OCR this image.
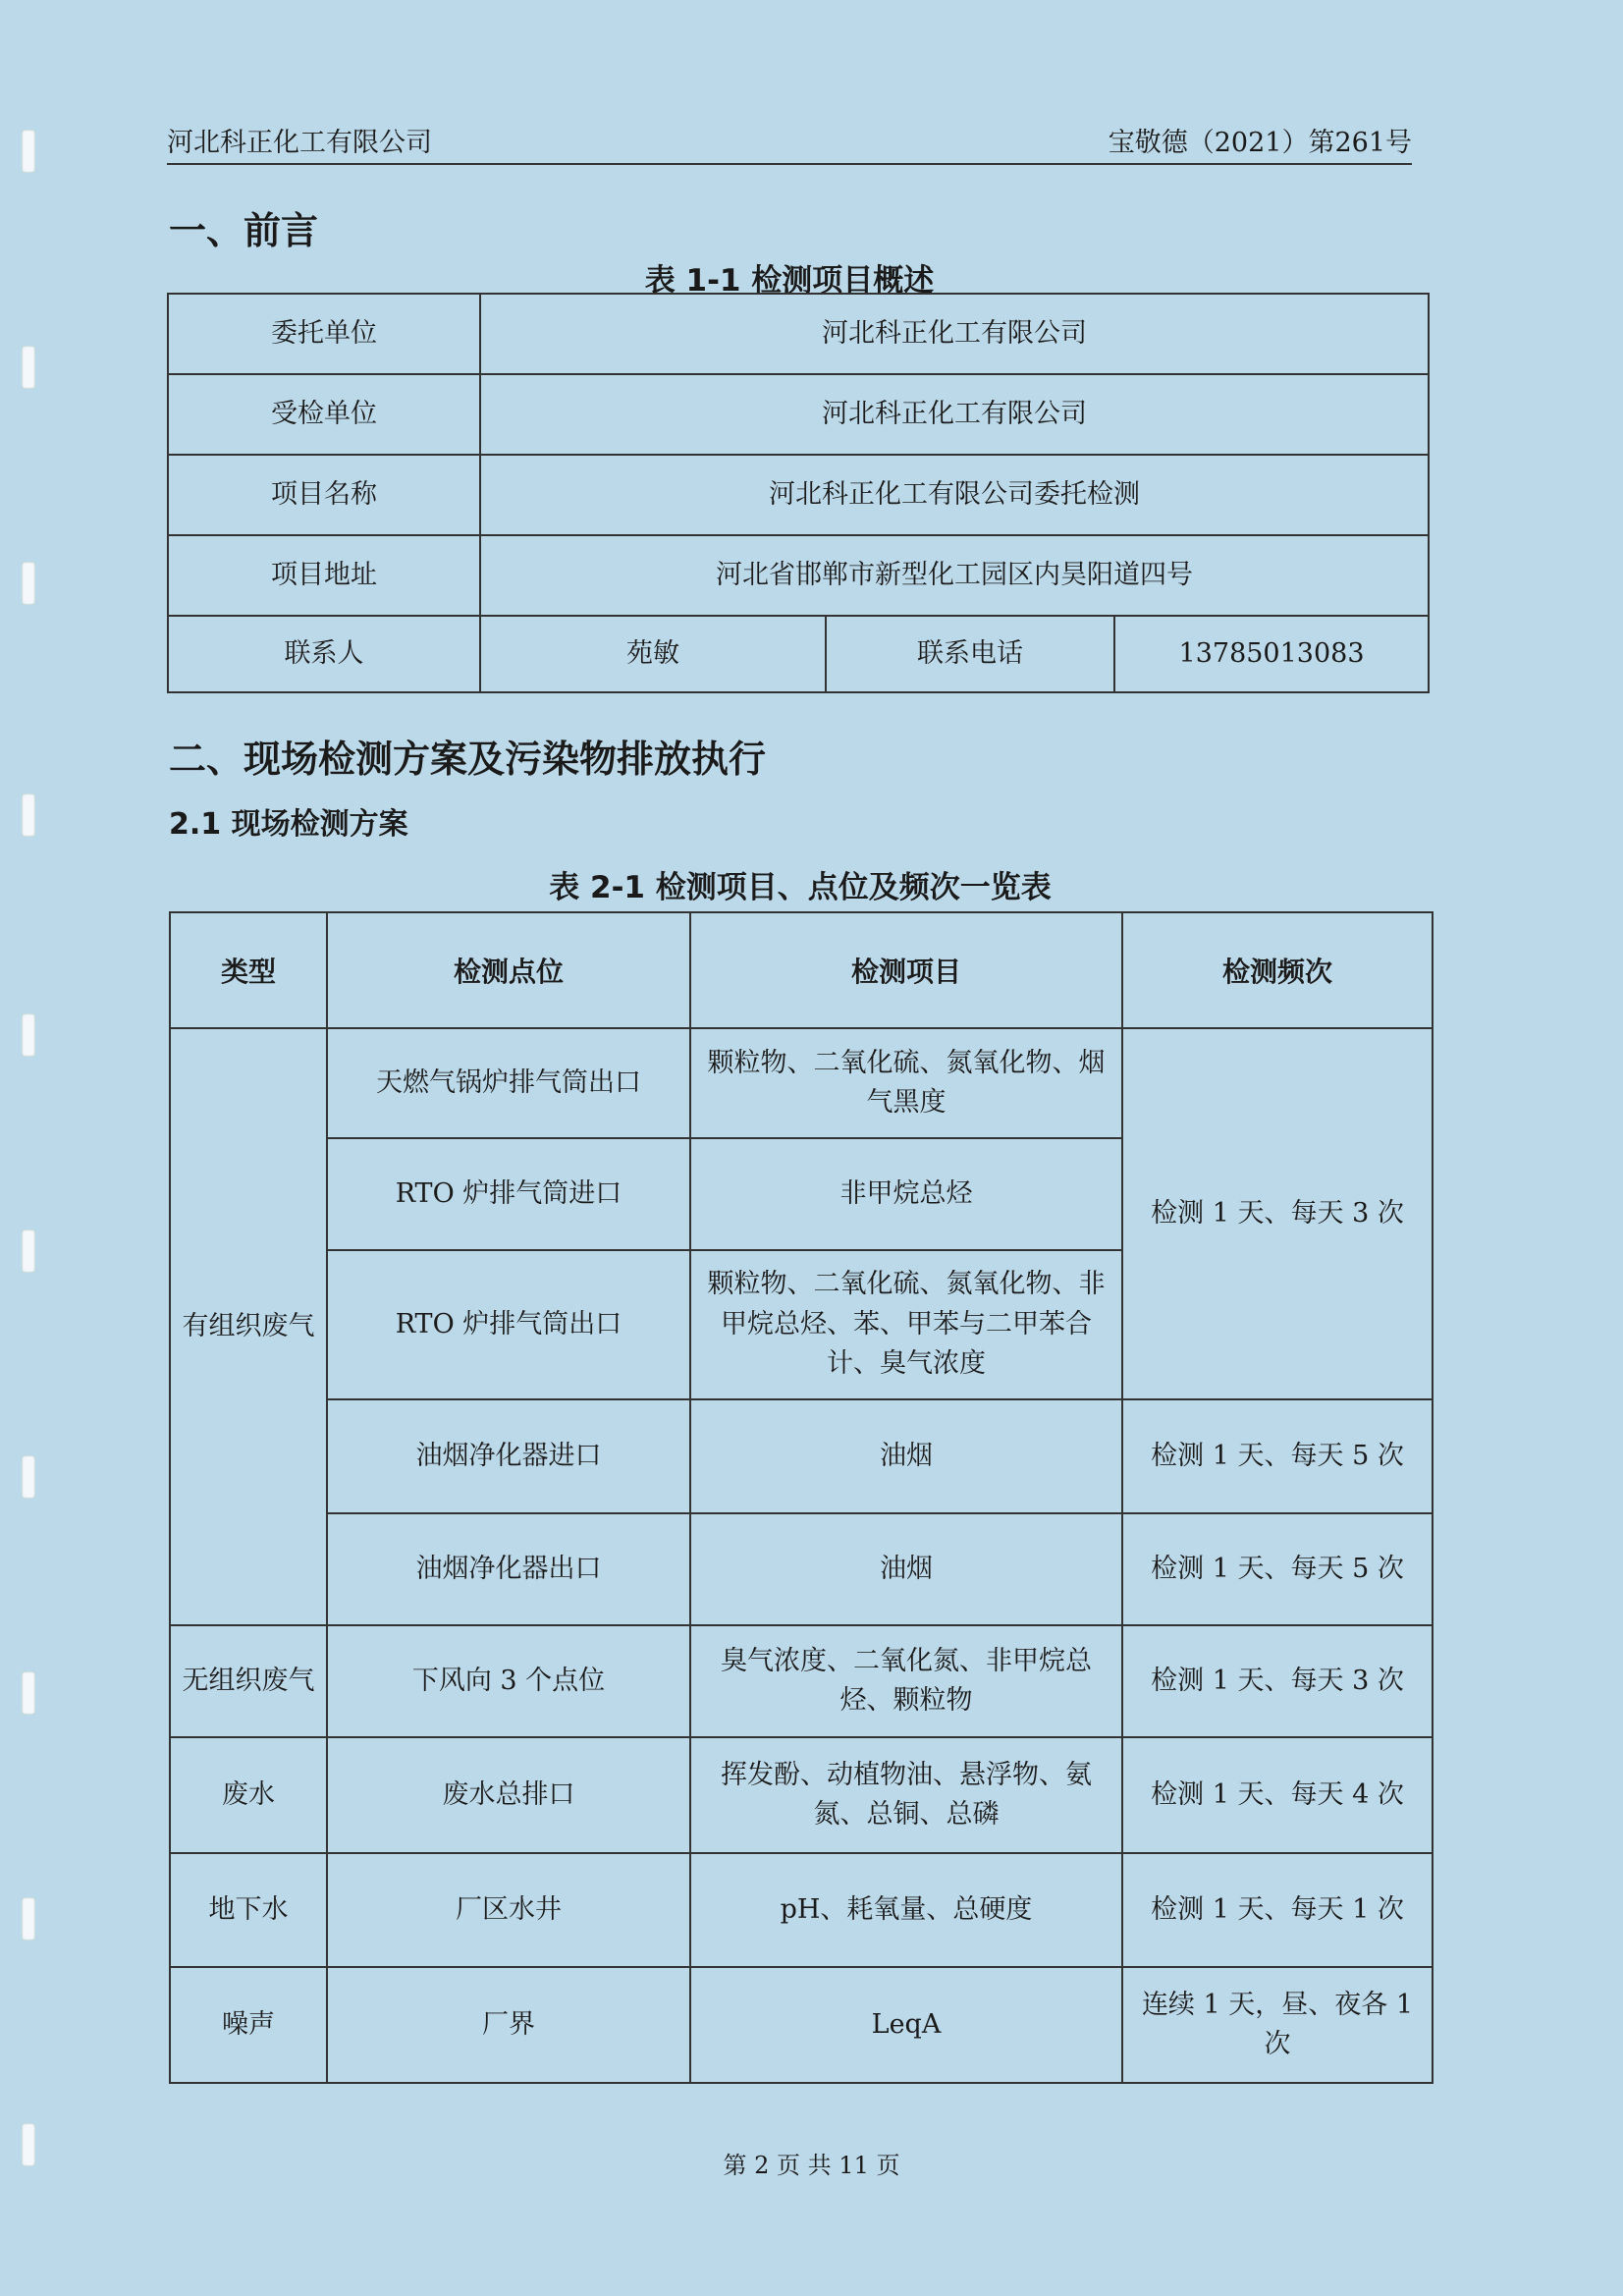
河北科正化工有限公司	宝敬德（2021）第261号
一、前言
表 1-1 检测项目概述
委托单位	河北科正化工有限公司		
受检单位	河北科正化工有限公司		
项目名称	河北科正化工有限公司委托检测		
项目地址	河北省邯郸市新型化工园区内昊阳道四号		
联系人	苑敏	联系电话	13785013083
二、现场检测方案及污染物排放执行
2.1 现场检测方案
表 2-1 检测项目、点位及频次一览表
类型	检测点位	检测项目	检测频次
有组织废气	天燃气锅炉排气筒出口	颗粒物、二氧化硫、氮氧化物、烟气黑度	检测 1 天、每天 3 次
	RTO 炉排气筒进口	非甲烷总烃	
	RTO 炉排气筒出口	颗粒物、二氧化硫、氮氧化物、非甲烷总烃、苯、甲苯与二甲苯合计、臭气浓度	
	油烟净化器进口	油烟	检测 1 天、每天 5 次
	油烟净化器出口	油烟	检测 1 天、每天 5 次
无组织废气	下风向 3 个点位	臭气浓度、二氧化氮、非甲烷总烃、颗粒物	检测 1 天、每天 3 次
废水	废水总排口	挥发酚、动植物油、悬浮物、氨氮、总铜、总磷	检测 1 天、每天 4 次
地下水	厂区水井	pH、耗氧量、总硬度	检测 1 天、每天 1 次
噪声	厂界	LeqA	连续 1 天，昼、夜各 1 次
第 2 页 共 11 页
